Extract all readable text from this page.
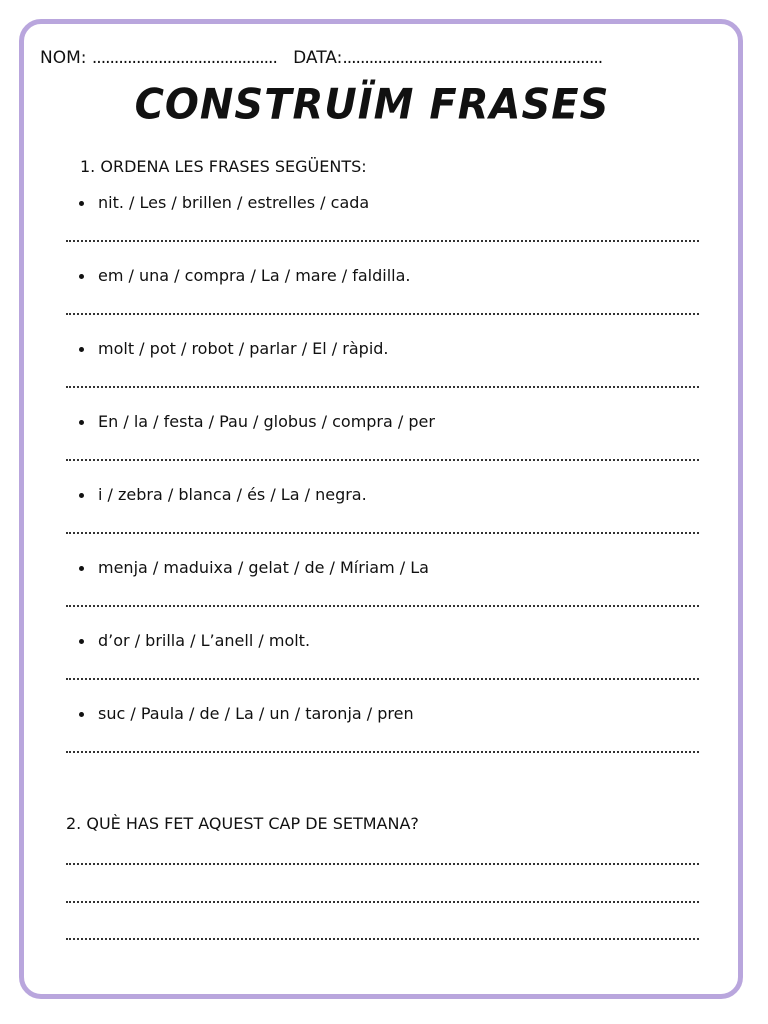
NOM: .......................................... DATA:...........................................................
CONSTRUÏM FRASES
1. ORDENA LES FRASES SEGÜENTS:
nit. / Les / brillen / estrelles / cada
em / una / compra / La / mare / faldilla.
molt / pot / robot / parlar / El / ràpid.
En / la / festa / Pau / globus / compra / per
i / zebra / blanca / és / La / negra.
menja / maduixa / gelat / de / Míriam / La
d’or / brilla / L’anell / molt.
suc / Paula / de / La / un / taronja / pren
2. QUÈ HAS FET AQUEST CAP DE SETMANA?
